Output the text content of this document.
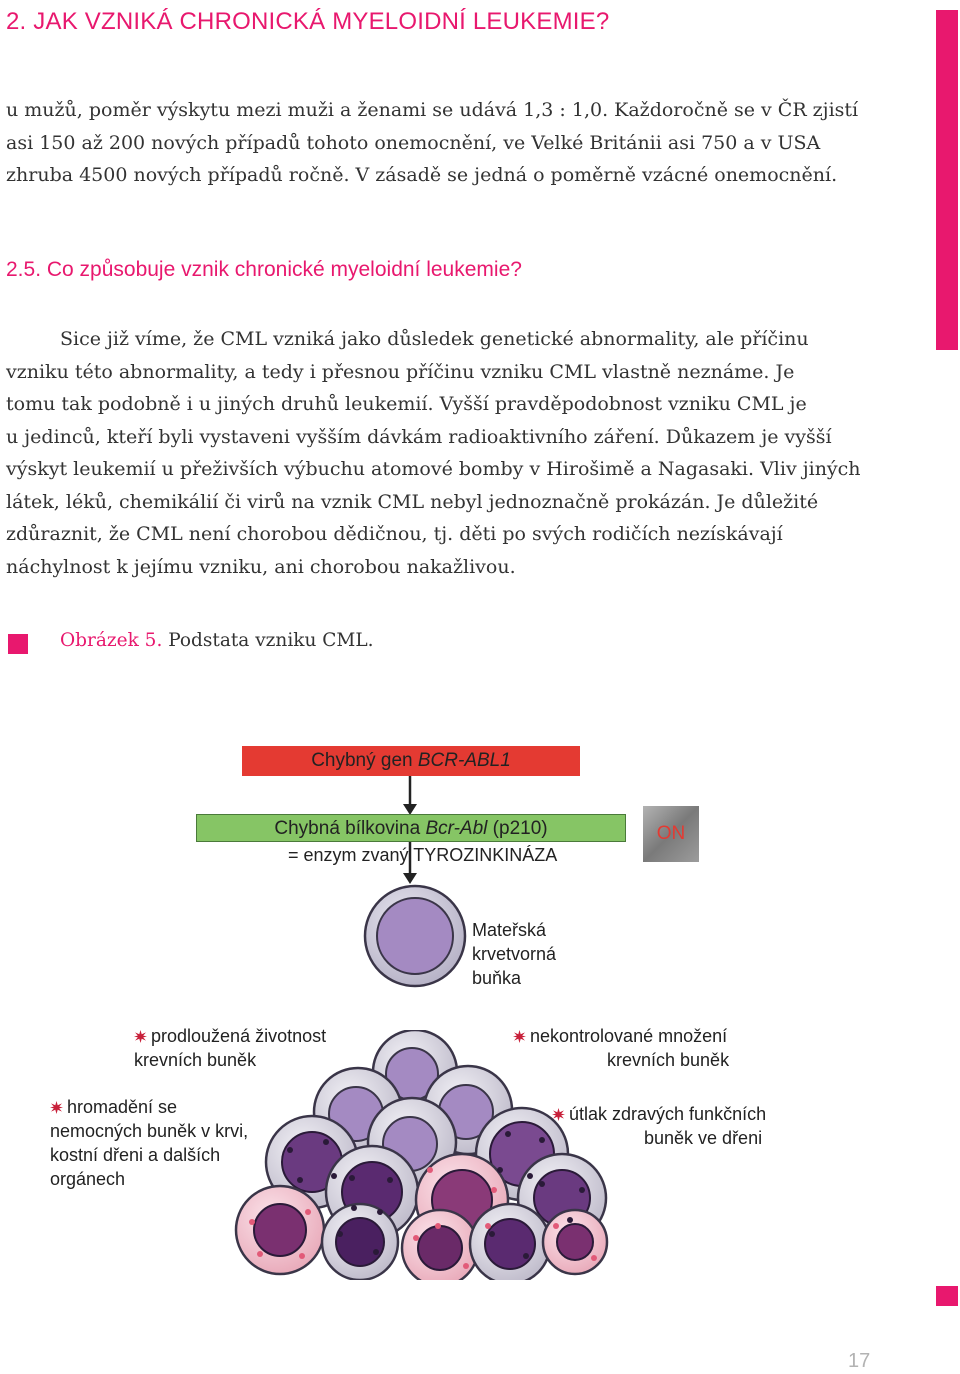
2. JAK VZNIKÁ CHRONICKÁ MYELOIDNÍ LEUKEMIE?

u mužů, poměr výskytu mezi muži a ženami se udává 1,3 : 1,0. Každoročně se v ČR zjistí
asi 150 až 200 nových případů tohoto onemocnění, ve Velké Británii asi 750 a v USA
zhruba 4500 nových případů ročně. V zásadě se jedná o poměrně vzácné onemocnění.

2.5. Co způsobuje vznik chronické myeloidní leukemie?

Sice již víme, že CML vzniká jako důsledek genetické abnormality, ale příčinu
vzniku této abnormality, a tedy i přesnou příčinu vzniku CML vlastně neznáme. Je
tomu tak podobně i u jiných druhů leukemií. Vyšší pravděpodobnost vzniku CML je
u jedinců, kteří byli vystaveni vyšším dávkám radioaktivního záření. Důkazem je vyšší
výskyt leukemií u přeživších výbuchu atomové bomby v Hirošimě a Nagasaki. Vliv jiných
látek, léků, chemikálií či virů na vznik CML nebyl jednoznačně prokázán. Je důležité
zdůraznit, že CML není chorobou dědičnou, tj. děti po svých rodičích nezískávají
náchylnost k jejímu vzniku, ani chorobou nakažlivou.

Obrázek 5. Podstata vzniku CML.
Chybný gen BCR-ABL1
Chybná bílkovina Bcr-Abl (p210)
= enzym zvaný TYROZINKINÁZA
ON
Mateřská
krvetvorná
buňka
prodloužená životnost
krevních buněk
nekontrolované množení
krevních buněk
hromadění se
nemocných buněk v krvi,
kostní dřeni a dalších
orgánech
útlak zdravých funkčních
buněk ve dřeni
17
